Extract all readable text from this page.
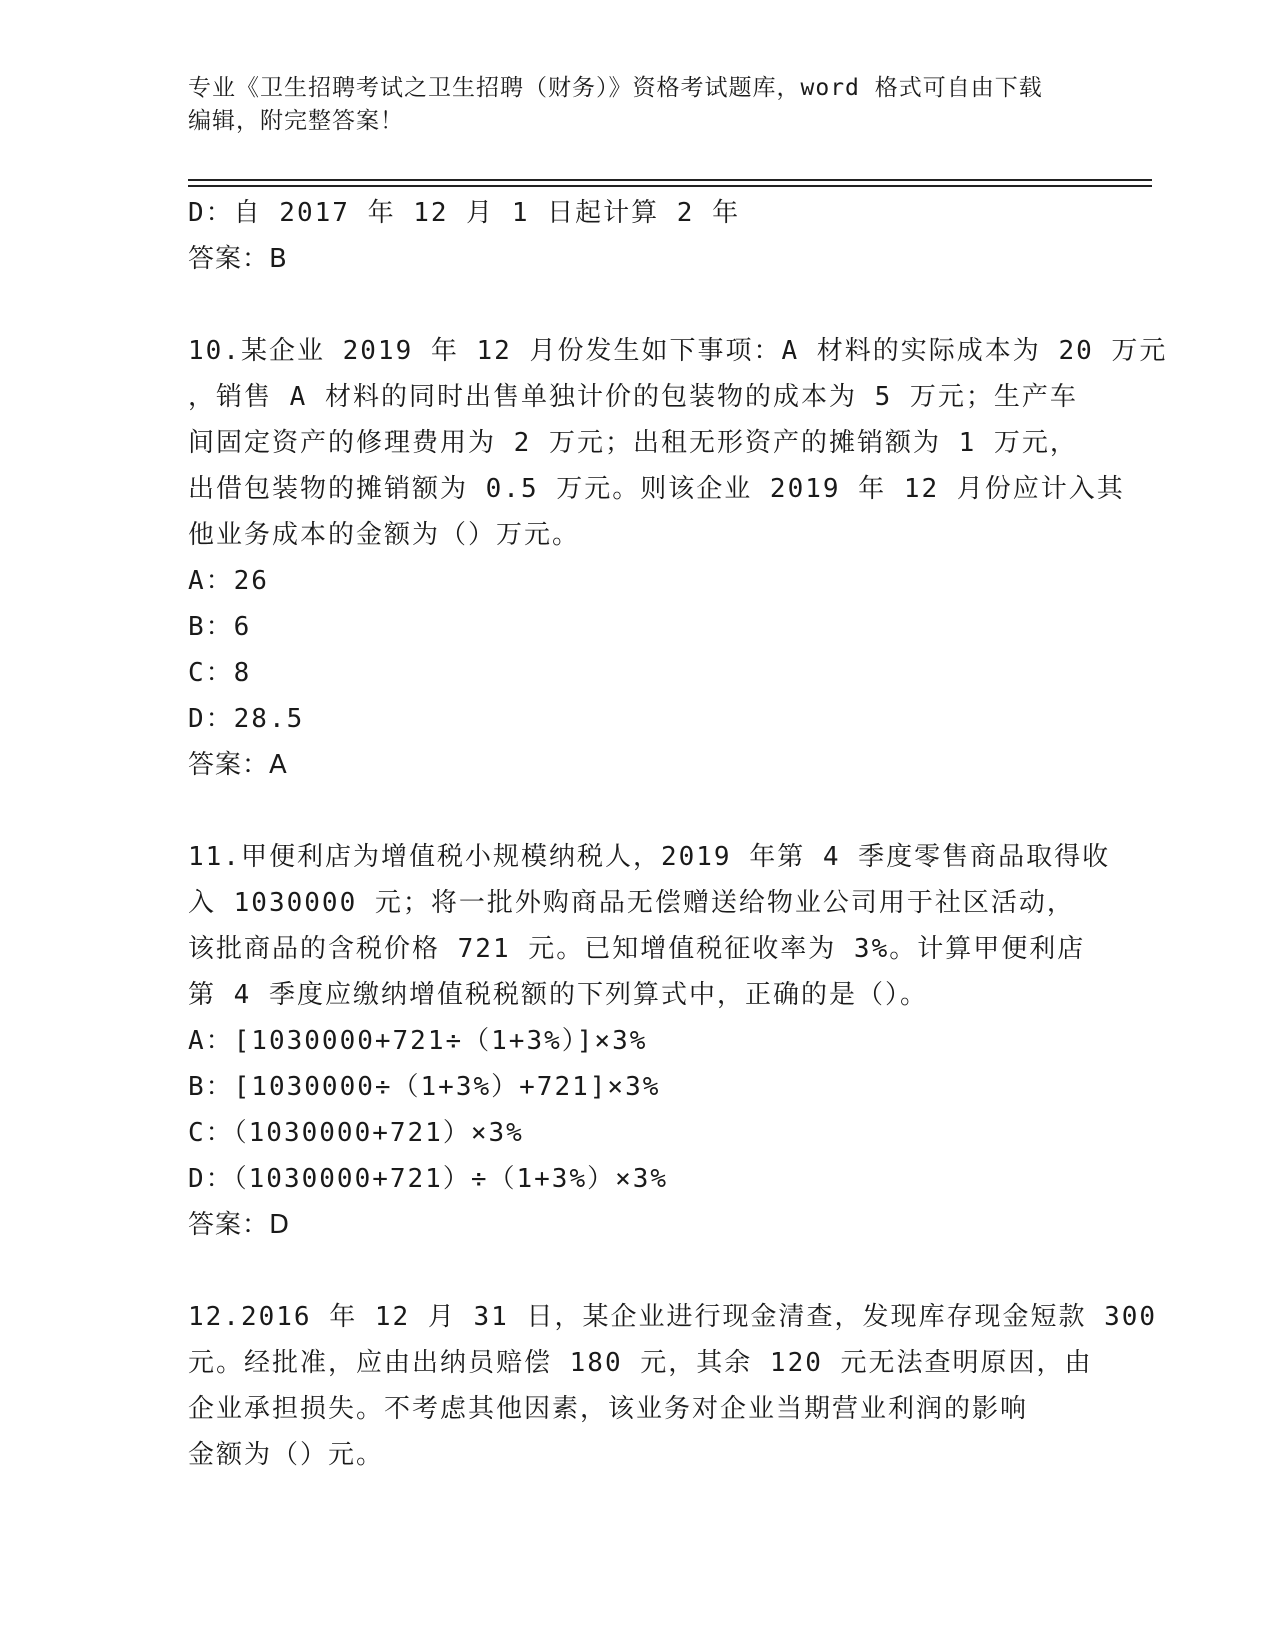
专业《卫生招聘考试之卫生招聘（财务）》资格考试题库，word 格式可自由下载
编辑，附完整答案！
D：自 2017 年 12 月 1 日起计算 2 年
答案：B
10.某企业 2019 年 12 月份发生如下事项：A 材料的实际成本为 20 万元
，销售 A 材料的同时出售单独计价的包装物的成本为 5 万元；生产车
间固定资产的修理费用为 2 万元；出租无形资产的摊销额为 1 万元，
出借包装物的摊销额为 0.5 万元。则该企业 2019 年 12 月份应计入其
他业务成本的金额为（）万元。
A：26
B：6
C：8
D：28.5
答案：A
11.甲便利店为增值税小规模纳税人，2019 年第 4 季度零售商品取得收
入 1030000 元；将一批外购商品无偿赠送给物业公司用于社区活动，
该批商品的含税价格 721 元。已知增值税征收率为 3%。计算甲便利店
第 4 季度应缴纳增值税税额的下列算式中，正确的是（）。
A：[1030000+721÷（1+3%）]×3%
B：[1030000÷（1+3%）+721]×3%
C：（1030000+721）×3%
D：（1030000+721）÷（1+3%）×3%
答案：D
12.2016 年 12 月 31 日，某企业进行现金清查，发现库存现金短款 300
元。经批准，应由出纳员赔偿 180 元，其余 120 元无法查明原因，由
企业承担损失。不考虑其他因素，该业务对企业当期营业利润的影响
金额为（）元。
